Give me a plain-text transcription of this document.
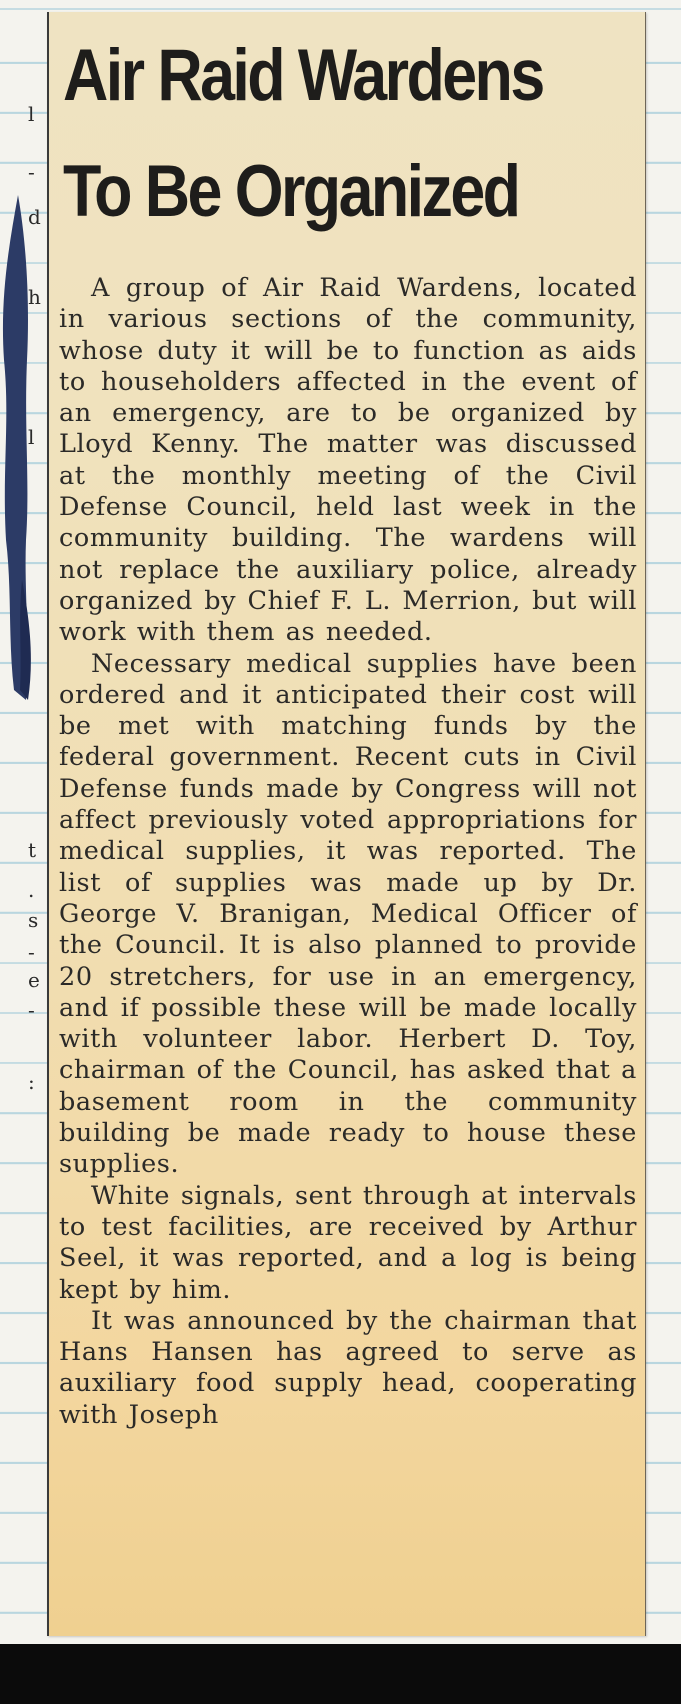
l
-
d
h
l
t
.
s
-
e
-
:
Air Raid Wardens
To Be Organized

A group of Air Raid Wardens, located in various sections of the community, whose duty it will be to function as aids to householders affected in the event of an emergency, are to be organized by Lloyd Kenny. The matter was discussed at the monthly meeting of the Civil Defense Council, held last week in the community building. The wardens will not replace the auxiliary police, already organized by Chief F. L. Merrion, but will work with them as needed.

Necessary medical supplies have been ordered and it anticipated their cost will be met with matching funds by the federal government. Recent cuts in Civil Defense funds made by Congress will not affect previously voted appropriations for medical supplies, it was reported. The list of supplies was made up by Dr. George V. Branigan, Medical Officer of the Council. It is also planned to provide 20 stretchers, for use in an emergency, and if possible these will be made locally with volunteer labor. Herbert D. Toy, chairman of the Council, has asked that a basement room in the community building be made ready to house these supplies.

White signals, sent through at intervals to test facilities, are received by Arthur Seel, it was reported, and a log is being kept by him.

It was announced by the chairman that Hans Hansen has agreed to serve as auxiliary food supply head, cooperating with Joseph
